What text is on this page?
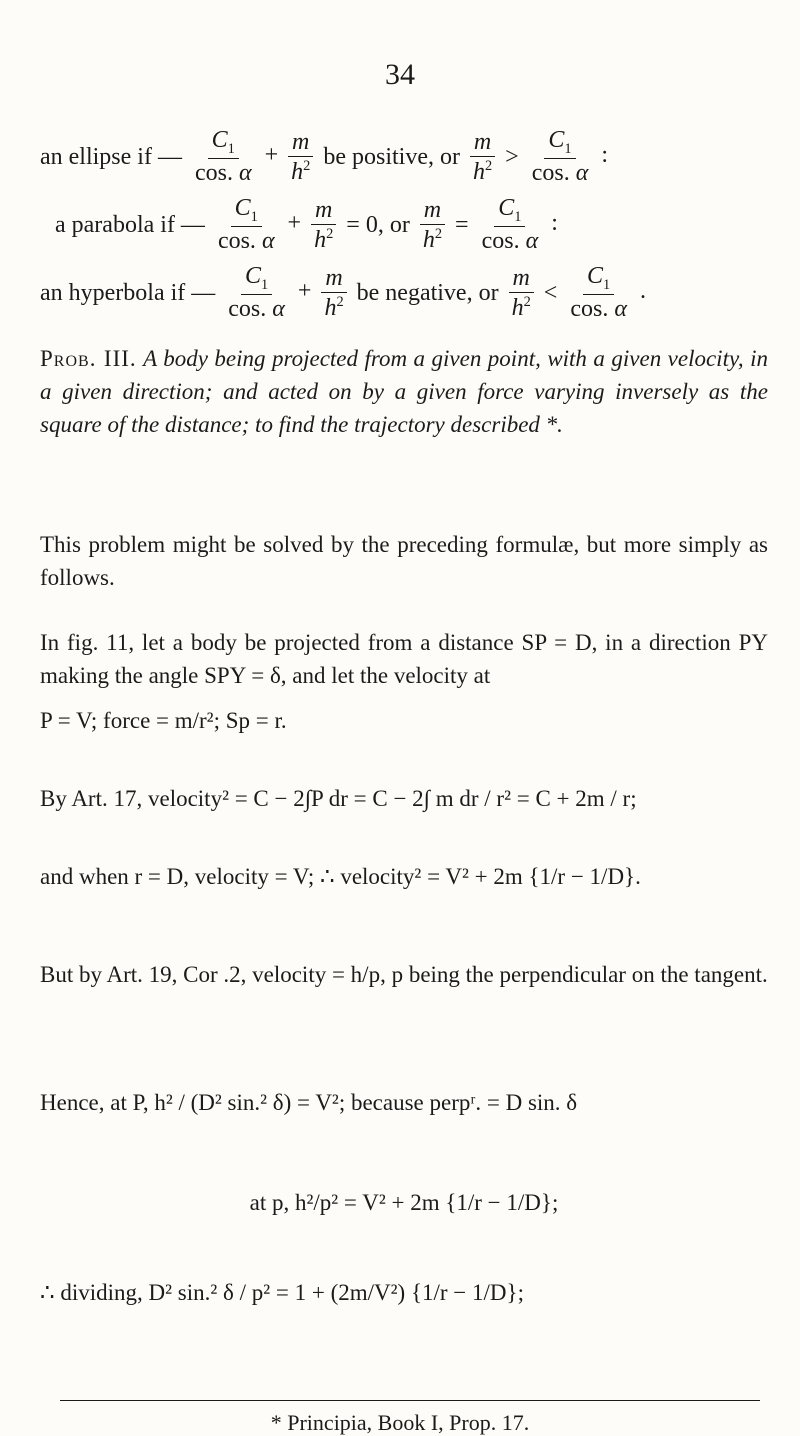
34
an ellipse if — $\frac{C_1}{\cos. \alpha} + \frac{m}{h^2}$ be positive, or $\frac{m}{h^2} > \frac{C_1}{\cos. \alpha}$ :
a parabola if — $\frac{C_1}{\cos. \alpha} + \frac{m}{h^2} = 0$, or $\frac{m}{h^2} = \frac{C_1}{\cos. \alpha}$ :
an hyperbola if — $\frac{C_1}{\cos. \alpha} + \frac{m}{h^2}$ be negative, or $\frac{m}{h^2} < \frac{C_1}{\cos. \alpha}$ .
Prob. III. A body being projected from a given point, with a given velocity, in a given direction; and acted on by a given force varying inversely as the square of the distance; to find the trajectory described *.
This problem might be solved by the preceding formulæ, but more simply as follows.
In fig. 11, let a body be projected from a distance SP = D, in a direction PY making the angle SPY = δ, and let the velocity at
P = V; force = m/r²; Sp = r.
By Art. 17, velocity² = C − 2∫P dr = C − 2∫ m dr / r² = C + 2m / r;
and when r = D, velocity = V; ∴ velocity² = V² + 2m {1/r − 1/D}.
But by Art. 19, Cor .2, velocity = h/p, p being the perpendicular on the tangent.
Hence, at P, h² / (D² sin.² δ) = V²; because perpʳ. = D sin. δ
at p, h²/p² = V² + 2m {1/r − 1/D};
∴ dividing, D² sin.² δ / p² = 1 + (2m/V²) {1/r − 1/D};
* Principia, Book I, Prop. 17.
